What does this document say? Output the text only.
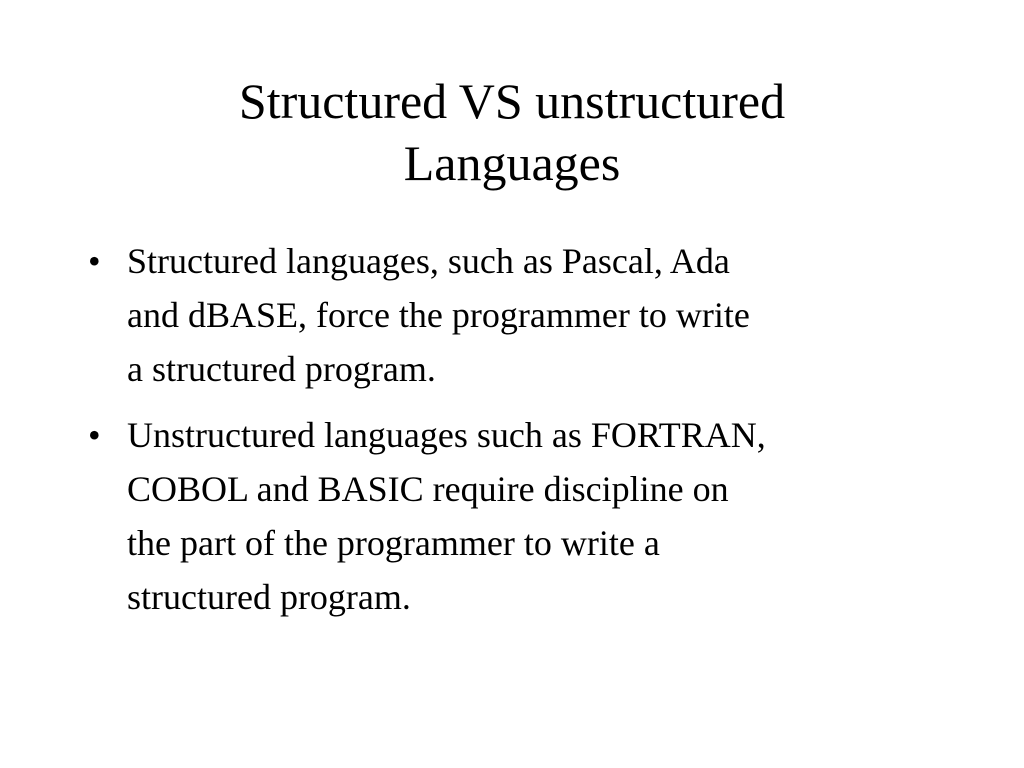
Structured VS unstructured
Languages
• Structured languages, such as Pascal, Ada
and dBASE, force the programmer to write
a structured program.
• Unstructured languages such as FORTRAN,
COBOL and BASIC require discipline on
the part of the programmer to write a
structured program.
